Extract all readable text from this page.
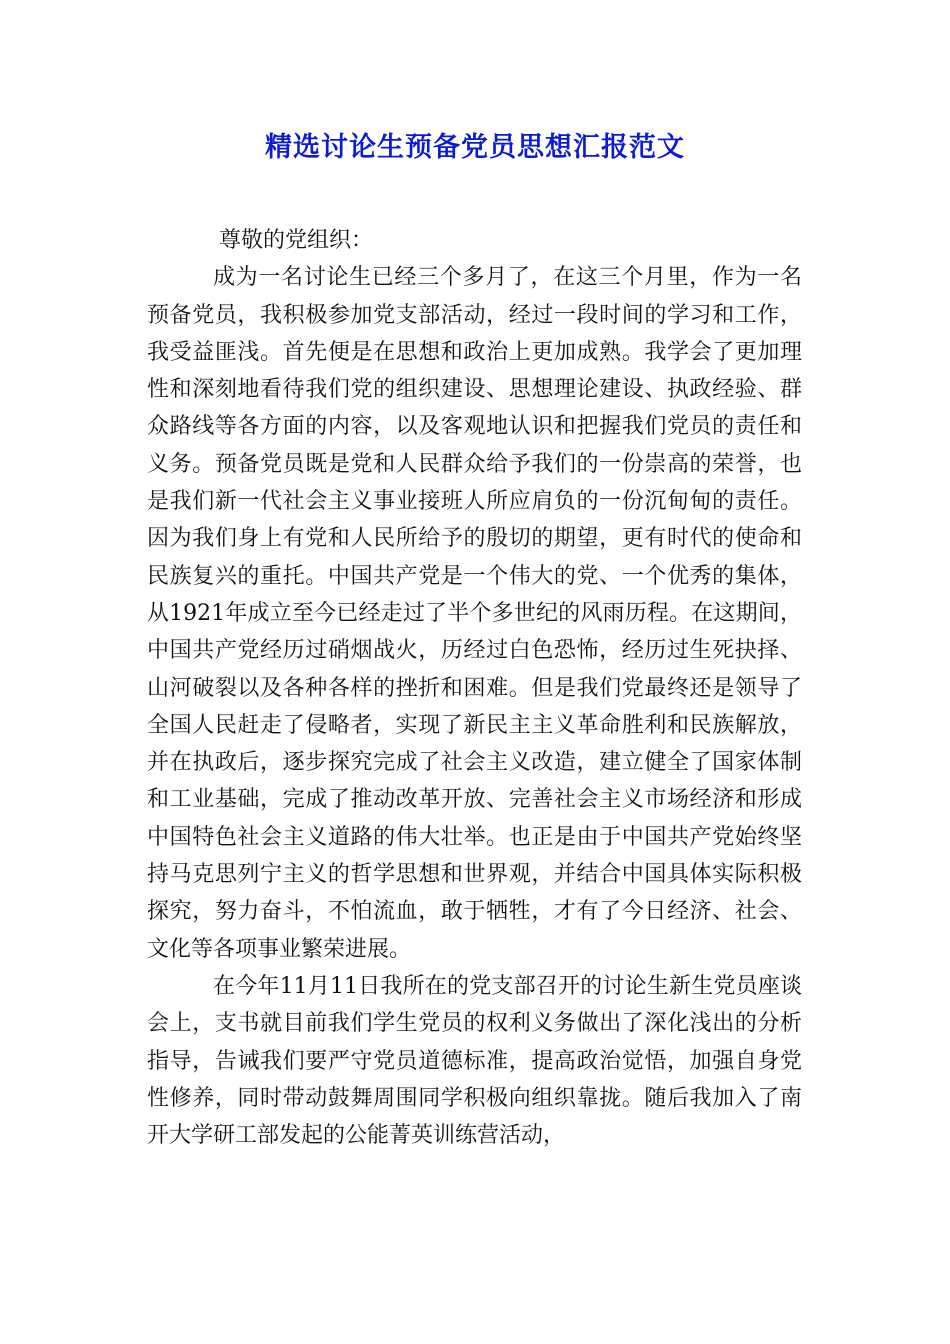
精选讨论生预备党员思想汇报范文

尊敬的党组织：

成为一名讨论生已经三个多月了，在这三个月里，作为一名预备党员，我积极参加党支部活动，经过一段时间的学习和工作，我受益匪浅。首先便是在思想和政治上更加成熟。我学会了更加理性和深刻地看待我们党的组织建设、思想理论建设、执政经验、群众路线等各方面的内容，以及客观地认识和把握我们党员的责任和义务。预备党员既是党和人民群众给予我们的一份崇高的荣誉，也是我们新一代社会主义事业接班人所应肩负的一份沉甸甸的责任。因为我们身上有党和人民所给予的殷切的期望，更有时代的使命和民族复兴的重托。中国共产党是一个伟大的党、一个优秀的集体，从1921年成立至今已经走过了半个多世纪的风雨历程。在这期间，中国共产党经历过硝烟战火，历经过白色恐怖，经历过生死抉择、山河破裂以及各种各样的挫折和困难。但是我们党最终还是领导了全国人民赶走了侵略者，实现了新民主主义革命胜利和民族解放，并在执政后，逐步探究完成了社会主义改造，建立健全了国家体制和工业基础，完成了推动改革开放、完善社会主义市场经济和形成中国特色社会主义道路的伟大壮举。也正是由于中国共产党始终坚持马克思列宁主义的哲学思想和世界观，并结合中国具体实际积极探究，努力奋斗，不怕流血，敢于牺牲，才有了今日经济、社会、文化等各项事业繁荣进展。

在今年11月11日我所在的党支部召开的讨论生新生党员座谈会上，支书就目前我们学生党员的权利义务做出了深化浅出的分析指导，告诫我们要严守党员道德标准，提高政治觉悟，加强自身党性修养，同时带动鼓舞周围同学积极向组织靠拢。随后我加入了南开大学研工部发起的公能菁英训练营活动，
